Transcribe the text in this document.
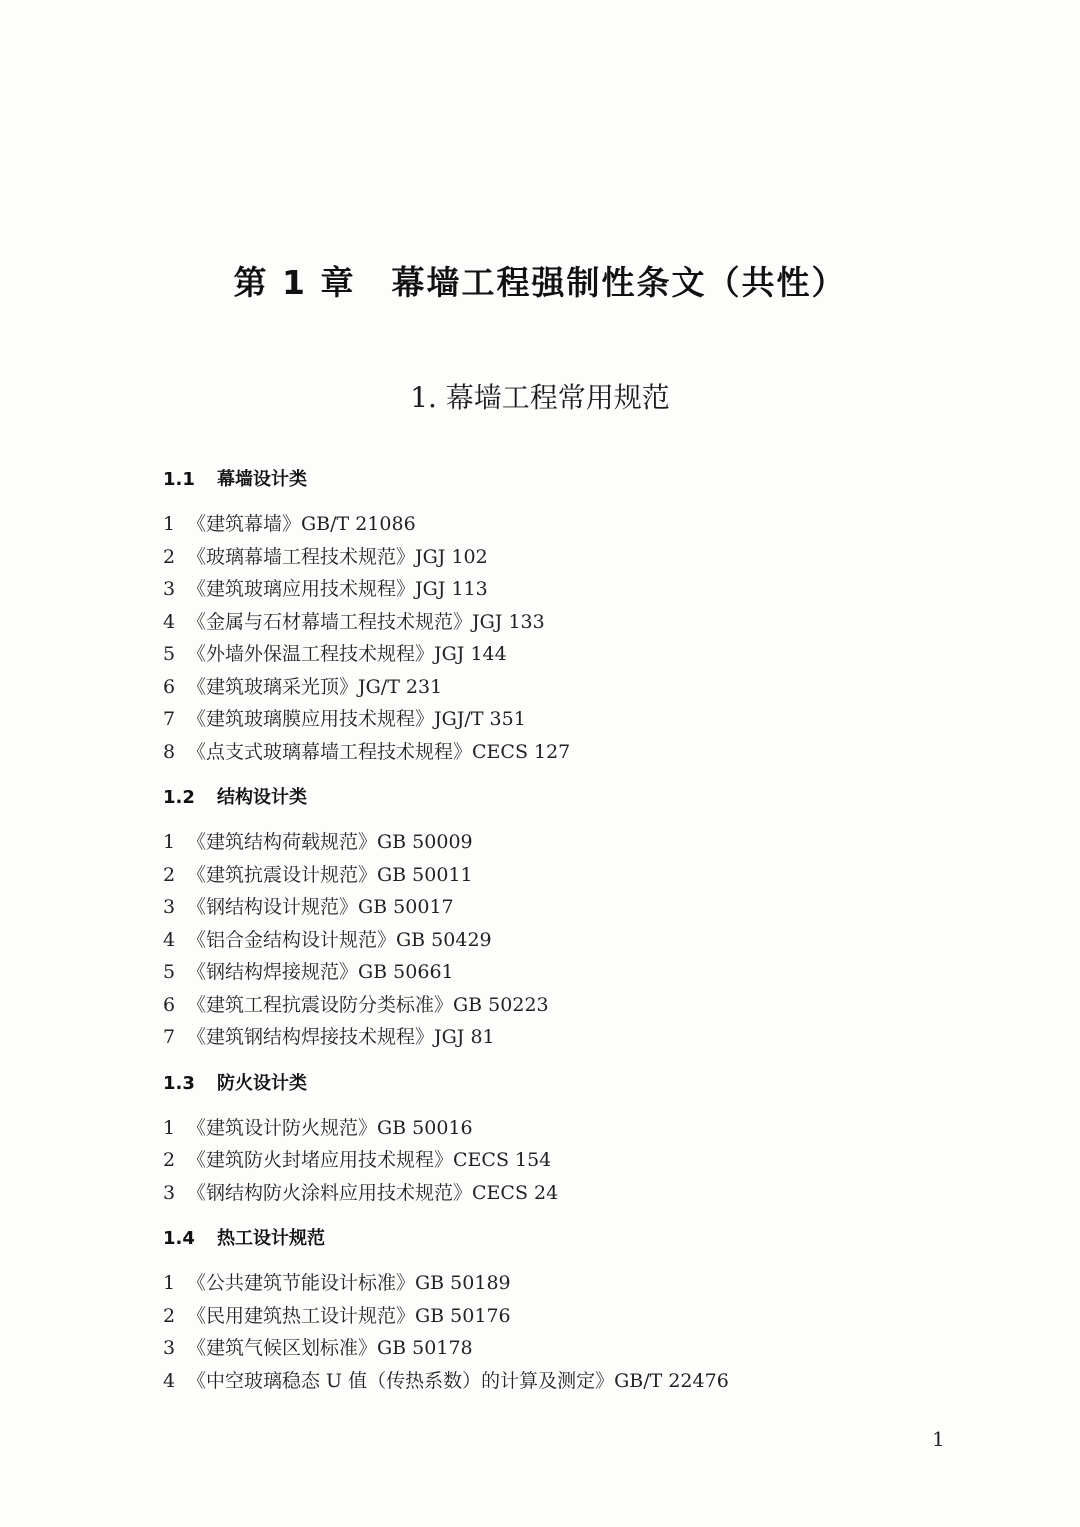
第 1 章 幕墙工程强制性条文（共性）
1. 幕墙工程常用规范
1.1 幕墙设计类
1 《建筑幕墙》GB/T 21086
2 《玻璃幕墙工程技术规范》JGJ 102
3 《建筑玻璃应用技术规程》JGJ 113
4 《金属与石材幕墙工程技术规范》JGJ 133
5 《外墙外保温工程技术规程》JGJ 144
6 《建筑玻璃采光顶》JG/T 231
7 《建筑玻璃膜应用技术规程》JGJ/T 351
8 《点支式玻璃幕墙工程技术规程》CECS 127
1.2 结构设计类
1 《建筑结构荷载规范》GB 50009
2 《建筑抗震设计规范》GB 50011
3 《钢结构设计规范》GB 50017
4 《铝合金结构设计规范》GB 50429
5 《钢结构焊接规范》GB 50661
6 《建筑工程抗震设防分类标准》GB 50223
7 《建筑钢结构焊接技术规程》JGJ 81
1.3 防火设计类
1 《建筑设计防火规范》GB 50016
2 《建筑防火封堵应用技术规程》CECS 154
3 《钢结构防火涂料应用技术规范》CECS 24
1.4 热工设计规范
1 《公共建筑节能设计标准》GB 50189
2 《民用建筑热工设计规范》GB 50176
3 《建筑气候区划标准》GB 50178
4 《中空玻璃稳态 U 值（传热系数）的计算及测定》GB/T 22476
1
